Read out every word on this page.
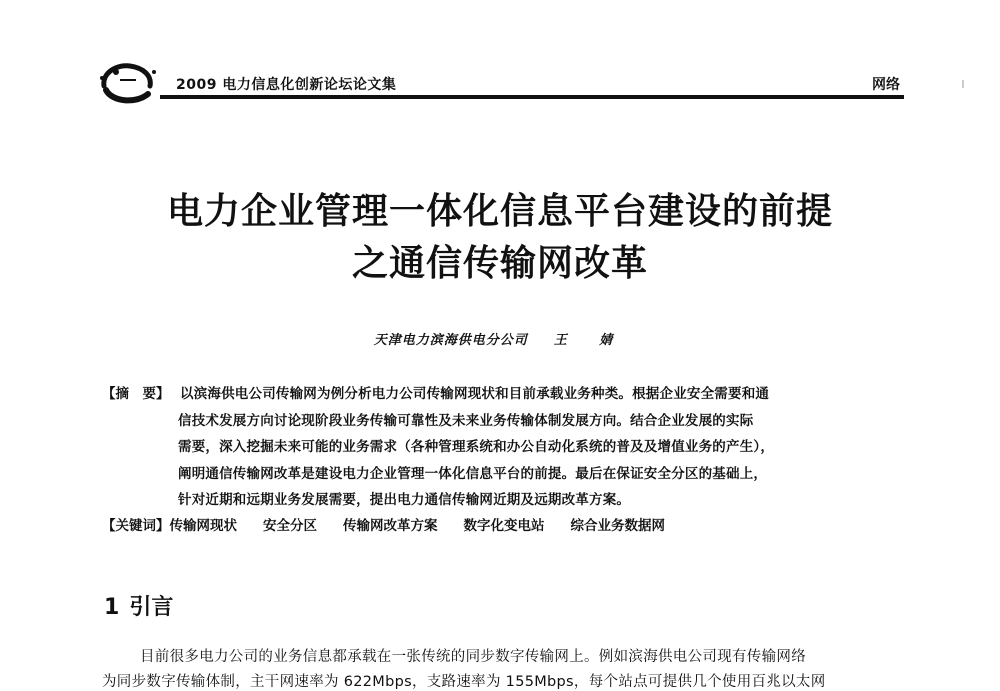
2009 电力信息化创新论坛论文集	网络
电力企业管理一体化信息平台建设的前提
之通信传输网改革
天津电力滨海供电分公司 王 婧
【摘　要】 以滨海供电公司传输网为例分析电力公司传输网现状和目前承载业务种类。根据企业安全需要和通
信技术发展方向讨论现阶段业务传输可靠性及未来业务传输体制发展方向。结合企业发展的实际
需要，深入挖掘未来可能的业务需求（各种管理系统和办公自动化系统的普及及增值业务的产生），
阐明通信传输网改革是建设电力企业管理一体化信息平台的前提。最后在保证安全分区的基础上，
针对近期和远期业务发展需要，提出电力通信传输网近期及远期改革方案。
【关键词】传输网现状 安全分区 传输网改革方案 数字化变电站 综合业务数据网
1 引言
目前很多电力公司的业务信息都承载在一张传统的同步数字传输网上。例如滨海供电公司现有传输网络
为同步数字传输体制，主干网速率为 622Mbps，支路速率为 155Mbps，每个站点可提供几个使用百兆以太网
